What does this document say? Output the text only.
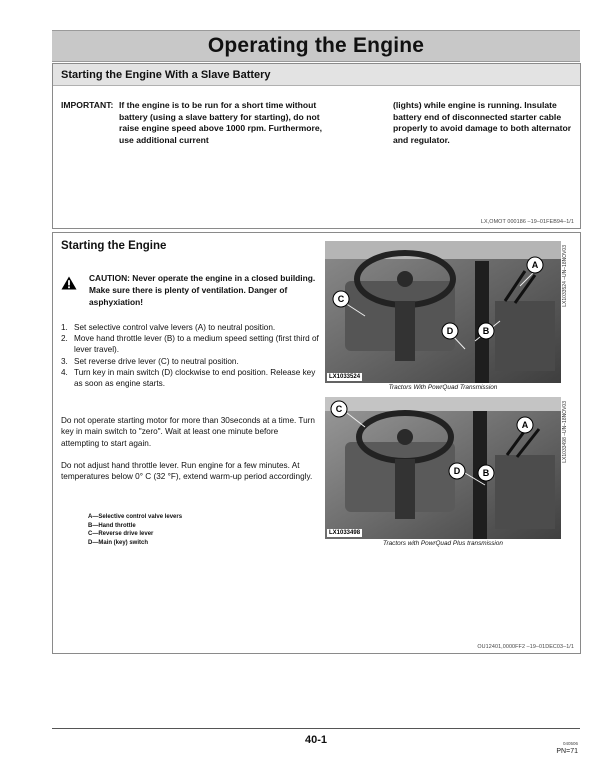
Operating the Engine
Starting the Engine With a Slave Battery
IMPORTANT: If the engine is to be run for a short time without battery (using a slave battery for starting), do not raise engine speed above 1000 rpm. Furthermore, use additional current
(lights) while engine is running. Insulate battery end of disconnected starter cable properly to avoid damage to both alternator and regulator.
LX,OMOT 000186 –19–01FEB94–1/1
Starting the Engine
CAUTION: Never operate the engine in a closed building. Make sure there is plenty of ventilation. Danger of asphyxiation!
1. Set selective control valve levers (A) to neutral position.
2. Move hand throttle lever (B) to a medium speed setting (first third of lever travel).
3. Set reverse drive lever (C) to neutral position.
4. Turn key in main switch (D) clockwise to end position. Release key as soon as engine starts.

Do not operate starting motor for more than 30seconds at a time. Turn key in main switch to "zero". Wait at least one minute before attempting to start again.

Do not adjust hand throttle lever. Run engine for a few minutes. At temperatures below 0° C (32 °F), extend warm-up period accordingly.

A—Selective control valve levers
B—Hand throttle
C—Reverse drive lever
D—Main (key) switch
A
C
D	B
LX1033524
LX1033524 –UN–18NOV03
Tractors With PowrQuad Transmission
A
C
D	B
LX1033498
LX1033498 –UN–18NOV03
Tractors with PowrQuad Plus transmission
OU12401,0000FF2 –19–01DEC03–1/1
40-1	040506
PN=71
